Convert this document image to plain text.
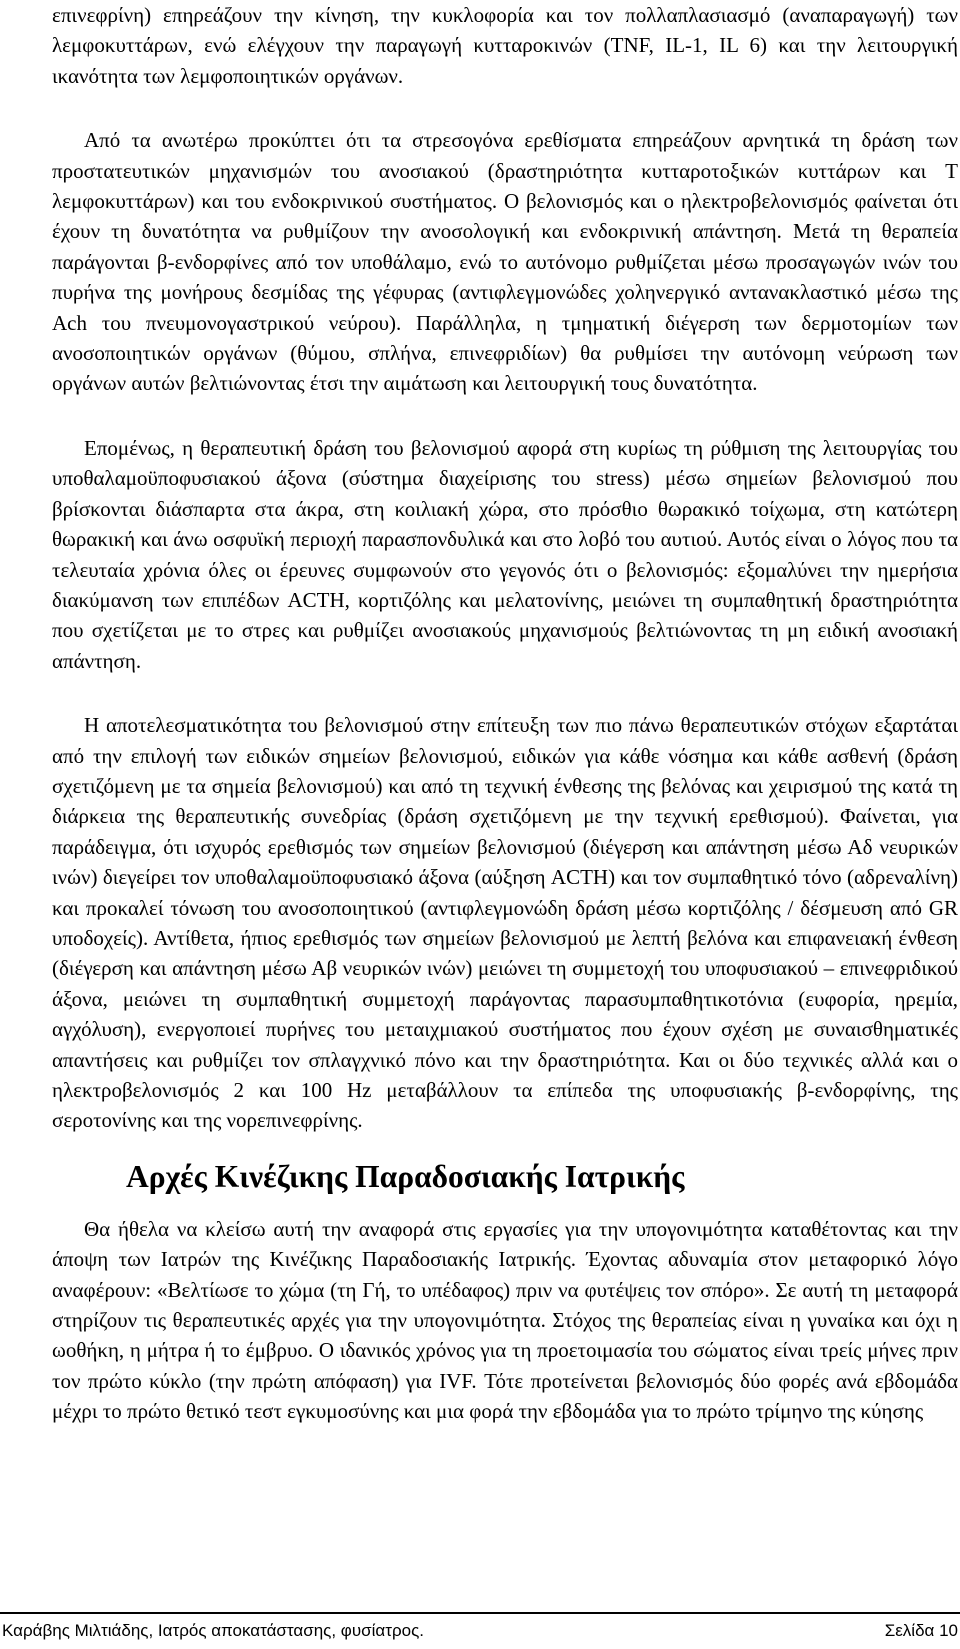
επινεφρίνη) επηρεάζουν την κίνηση, την κυκλοφορία και τον πολλαπλασιασμό (αναπαραγωγή) των λεμφοκυττάρων, ενώ ελέγχουν την παραγωγή κυτταροκινών (TNF, IL-1, IL 6) και την λειτουργική ικανότητα των λεμφοποιητικών οργάνων.

Από τα ανωτέρω προκύπτει ότι τα στρεσογόνα ερεθίσματα επηρεάζουν αρνητικά τη δράση των προστατευτικών μηχανισμών του ανοσιακού (δραστηριότητα κυτταροτοξικών κυττάρων και T λεμφοκυττάρων) και του ενδοκρινικού συστήματος. Ο βελονισμός και ο ηλεκτροβελονισμός φαίνεται ότι έχουν τη δυνατότητα να ρυθμίζουν την ανοσολογική και ενδοκρινική απάντηση. Μετά τη θεραπεία παράγονται β-ενδορφίνες από τον υποθάλαμο, ενώ το αυτόνομο ρυθμίζεται μέσω προσαγωγών ινών του πυρήνα της μονήρους δεσμίδας της γέφυρας (αντιφλεγμονώδες χοληνεργικό αντανακλαστικό μέσω της Ach του πνευμονογαστρικού νεύρου). Παράλληλα, η τμηματική διέγερση των δερμοτομίων των ανοσοποιητικών οργάνων (θύμου, σπλήνα, επινεφριδίων) θα ρυθμίσει την αυτόνομη νεύρωση των οργάνων αυτών βελτιώνοντας έτσι την αιμάτωση και λειτουργική τους δυνατότητα.

Επομένως, η θεραπευτική δράση του βελονισμού αφορά στη κυρίως τη ρύθμιση της λειτουργίας του υποθαλαμοϋποφυσιακού άξονα (σύστημα διαχείρισης του stress) μέσω σημείων βελονισμού που βρίσκονται διάσπαρτα στα άκρα, στη κοιλιακή χώρα, στο πρόσθιο θωρακικό τοίχωμα, στη κατώτερη θωρακική και άνω οσφυϊκή περιοχή παρασπονδυλικά και στο λοβό του αυτιού. Αυτός είναι ο λόγος που τα τελευταία χρόνια όλες οι έρευνες συμφωνούν στο γεγονός ότι ο βελονισμός: εξομαλύνει την ημερήσια διακύμανση των επιπέδων ACTH, κορτιζόλης και μελατονίνης, μειώνει τη συμπαθητική δραστηριότητα που σχετίζεται με το στρες και ρυθμίζει ανοσιακούς μηχανισμούς βελτιώνοντας τη μη ειδική ανοσιακή απάντηση.

Η αποτελεσματικότητα του βελονισμού στην επίτευξη των πιο πάνω θεραπευτικών στόχων εξαρτάται από την επιλογή των ειδικών σημείων βελονισμού, ειδικών για κάθε νόσημα και κάθε ασθενή (δράση σχετιζόμενη με τα σημεία βελονισμού) και από τη τεχνική ένθεσης της βελόνας και χειρισμού της κατά τη διάρκεια της θεραπευτικής συνεδρίας (δράση σχετιζόμενη με την τεχνική ερεθισμού). Φαίνεται, για παράδειγμα, ότι ισχυρός ερεθισμός των σημείων βελονισμού (διέγερση και απάντηση μέσω Αδ νευρικών ινών) διεγείρει τον υποθαλαμοϋποφυσιακό άξονα (αύξηση ACTH) και τον συμπαθητικό τόνο (αδρεναλίνη) και προκαλεί τόνωση του ανοσοποιητικού (αντιφλεγμονώδη δράση μέσω κορτιζόλης / δέσμευση από GR υποδοχείς). Αντίθετα, ήπιος ερεθισμός των σημείων βελονισμού με λεπτή βελόνα και επιφανειακή ένθεση (διέγερση και απάντηση μέσω Αβ νευρικών ινών) μειώνει τη συμμετοχή του υποφυσιακού – επινεφριδικού άξονα, μειώνει τη συμπαθητική συμμετοχή παράγοντας παρασυμπαθητικοτόνια (ευφορία, ηρεμία, αγχόλυση), ενεργοποιεί πυρήνες του μεταιχμιακού συστήματος που έχουν σχέση με συναισθηματικές απαντήσεις και ρυθμίζει τον σπλαγχνικό πόνο και την δραστηριότητα. Και οι δύο τεχνικές αλλά και ο ηλεκτροβελονισμός 2 και 100 Hz μεταβάλλουν τα επίπεδα της υποφυσιακής β-ενδορφίνης, της σεροτονίνης και της νορεπινεφρίνης.

Αρχές Κινέζικης Παραδοσιακής Ιατρικής

Θα ήθελα να κλείσω αυτή την αναφορά στις εργασίες για την υπογονιμότητα καταθέτοντας και την άποψη των Ιατρών της Κινέζικης Παραδοσιακής Ιατρικής. Έχοντας αδυναμία στον μεταφορικό λόγο αναφέρουν: «Βελτίωσε το χώμα (τη Γή, το υπέδαφος) πριν να φυτέψεις τον σπόρο». Σε αυτή τη μεταφορά στηρίζουν τις θεραπευτικές αρχές για την υπογονιμότητα. Στόχος της θεραπείας είναι η γυναίκα και όχι η ωοθήκη, η μήτρα ή το έμβρυο. Ο ιδανικός χρόνος για τη προετοιμασία του σώματος είναι τρείς μήνες πριν τον πρώτο κύκλο (την πρώτη απόφαση) για IVF. Τότε προτείνεται βελονισμός δύο φορές ανά εβδομάδα μέχρι το πρώτο θετικό τεστ εγκυμοσύνης και μια φορά την εβδομάδα για το πρώτο τρίμηνο της κύησης

Καράβης Μιλτιάδης, Ιατρός αποκατάστασης, φυσίατρος.	Σελίδα 10
